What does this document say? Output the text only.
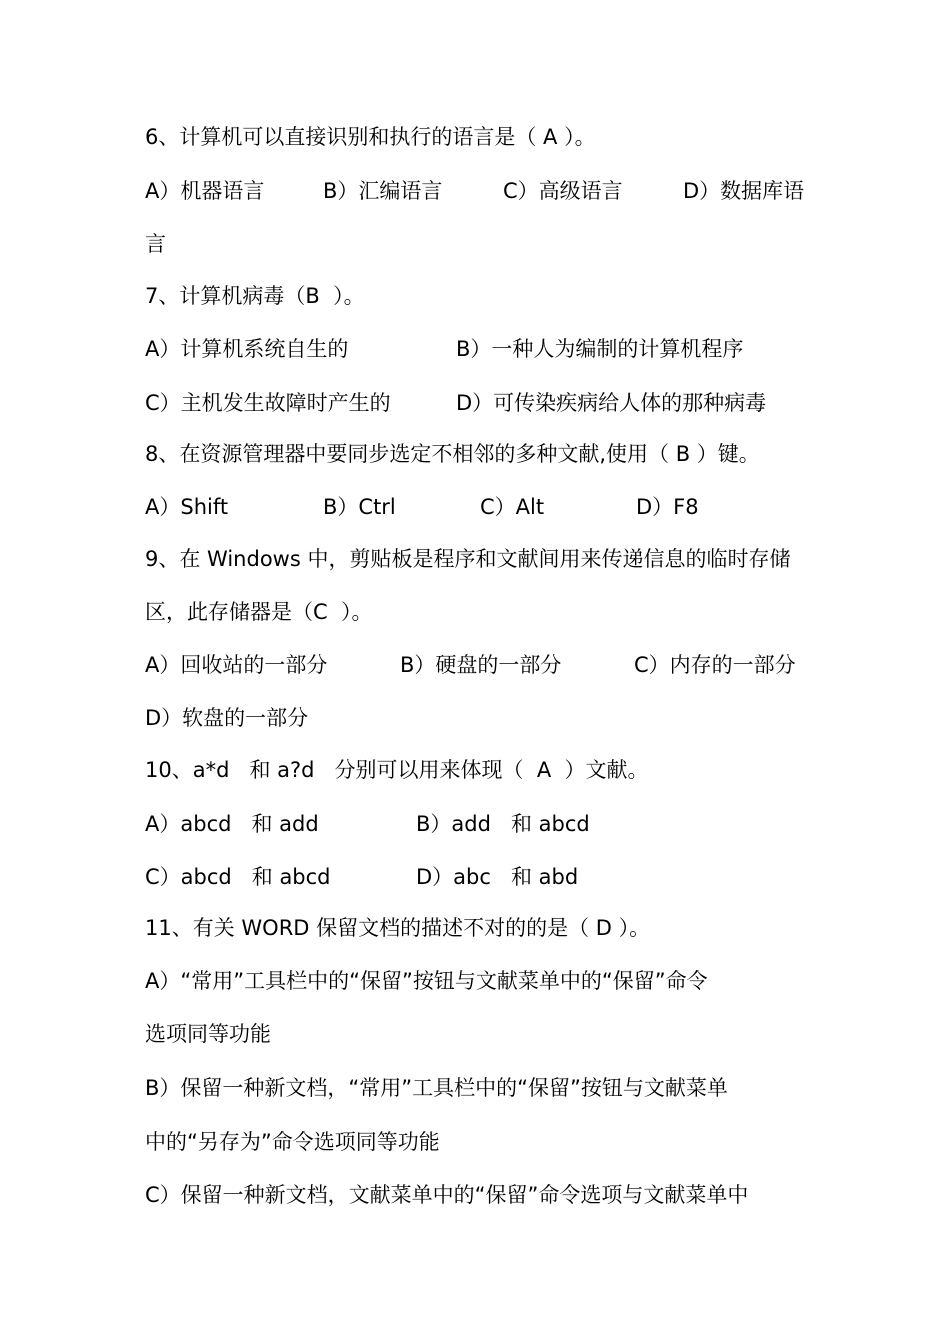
6、计算机可以直接识别和执行的语言是（ A ）。
A）机器语言	B）汇编语言	C）高级语言	D）数据库语
言
7、计算机病毒（B  ）。
A）计算机系统自生的	B）一种人为编制的计算机程序
C）主机发生故障时产生的	D）可传染疾病给人体的那种病毒
8、在资源管理器中要同步选定不相邻的多种文献,使用（ B ）键。
A）Shift	B）Ctrl	C）Alt	D）F8
9、在 Windows 中，剪贴板是程序和文献间用来传递信息的临时存储
区，此存储器是（C  ）。
A）回收站的一部分	B）硬盘的一部分	C）内存的一部分
D）软盘的一部分
10、a*d   和 a?d   分别可以用来体现（  A  ）文献。
A）abcd   和 add	B）add   和 abcd
C）abcd   和 abcd	D）abc   和 abd
11、有关 WORD 保留文档的描述不对的的是（ D ）。
A）“常用”工具栏中的“保留”按钮与文献菜单中的“保留”命令
选项同等功能
B）保留一种新文档，“常用”工具栏中的“保留”按钮与文献菜单
中的“另存为”命令选项同等功能
C）保留一种新文档，文献菜单中的“保留”命令选项与文献菜单中
